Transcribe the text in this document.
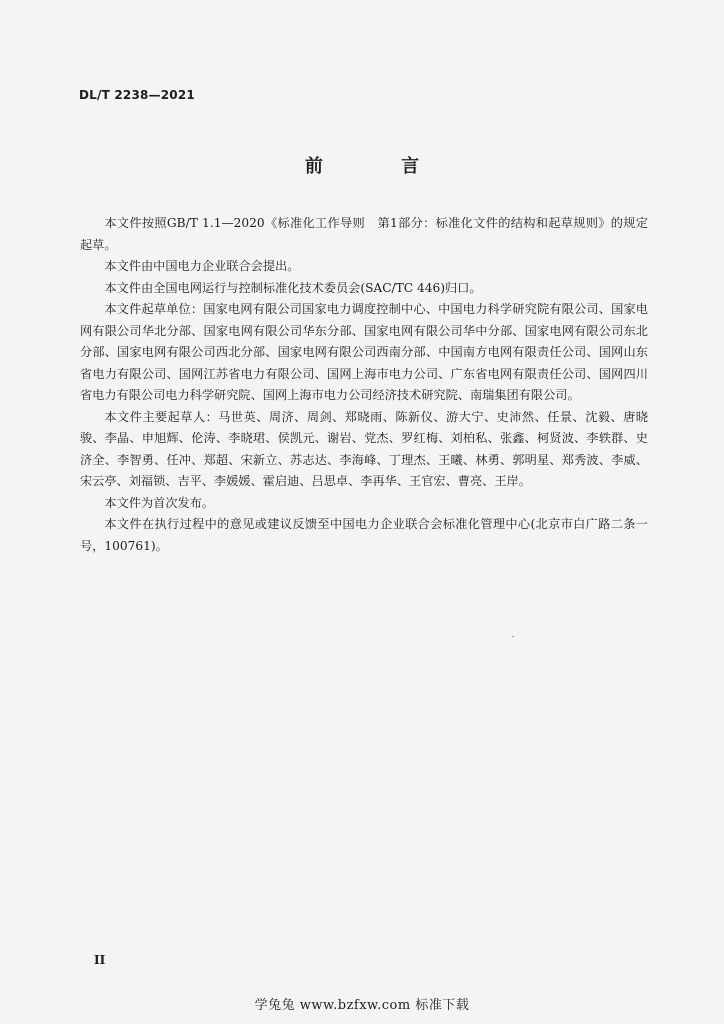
DL/T 2238—2021
前 言

本文件按照GB/T 1.1—2020《标准化工作导则　第1部分：标准化文件的结构和起草规则》的规定起草。

本文件由中国电力企业联合会提出。

本文件由全国电网运行与控制标准化技术委员会(SAC/TC 446)归口。

本文件起草单位：国家电网有限公司国家电力调度控制中心、中国电力科学研究院有限公司、国家电网有限公司华北分部、国家电网有限公司华东分部、国家电网有限公司华中分部、国家电网有限公司东北分部、国家电网有限公司西北分部、国家电网有限公司西南分部、中国南方电网有限责任公司、国网山东省电力有限公司、国网江苏省电力有限公司、国网上海市电力公司、广东省电网有限责任公司、国网四川省电力有限公司电力科学研究院、国网上海市电力公司经济技术研究院、南瑞集团有限公司。

本文件主要起草人：马世英、周济、周剑、郑晓雨、陈新仪、游大宁、史沛然、任景、沈毅、唐晓骏、李晶、申旭辉、伦涛、李晓珺、侯凯元、谢岩、党杰、罗红梅、刘柏私、张鑫、柯贤波、李轶群、史济全、李智勇、任冲、郑超、宋新立、苏志达、李海峰、丁理杰、王曦、林勇、郭明星、郑秀波、李威、宋云亭、刘福锁、吉平、李媛媛、霍启迪、吕思卓、李再华、王官宏、曹亮、王岸。

本文件为首次发布。

本文件在执行过程中的意见或建议反馈至中国电力企业联合会标准化管理中心(北京市白广路二条一号，100761)。

II
学兔兔 www.bzfxw.com 标准下载
